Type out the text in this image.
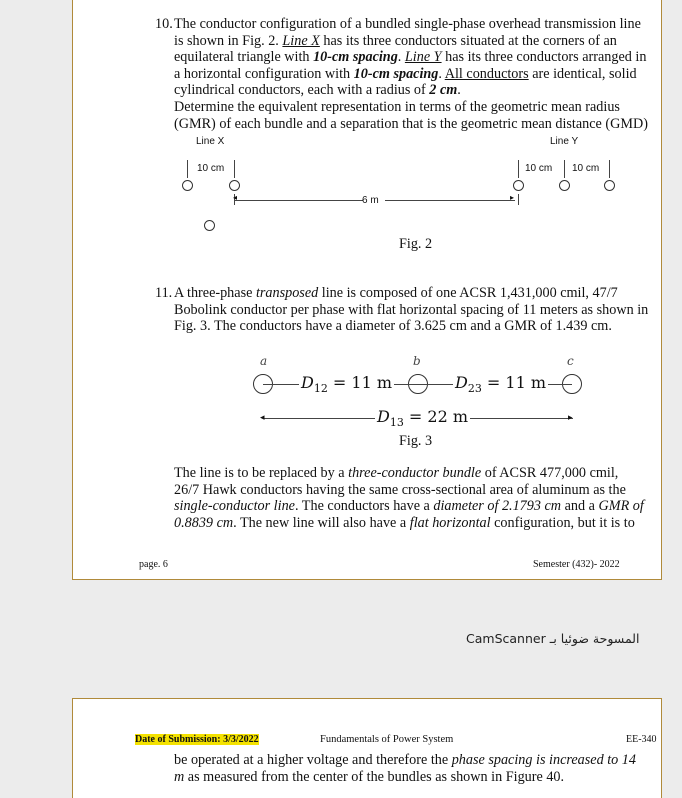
10. The conductor configuration of a bundled single-phase overhead transmission line
is shown in Fig. 2. Line X has its three conductors situated at the corners of an
equilateral triangle with 10-cm spacing. Line Y has its three conductors arranged in
a horizontal configuration with 10-cm spacing. All conductors are identical, solid
cylindrical conductors, each with a radius of 2 cm.
Determine the equivalent representation in terms of the geometric mean radius
(GMR) of each bundle and a separation that is the geometric mean distance (GMD)
Line X	Line Y
10 cm
◂	6 m	▸
10 cm 10 cm
Fig. 2
11. A three-phase transposed line is composed of one ACSR 1,431,000 cmil, 47/7
Bobolink conductor per phase with flat horizontal spacing of 11 meters as shown in
Fig. 3. The conductors have a diameter of 3.625 cm and a GMR of 1.439 cm.
a	b	c
$D_{12} = 11$ m	$D_{23} = 11$ m
◂	▸
$D_{13} = 22$ m
Fig. 3
The line is to be replaced by a three-conductor bundle of ACSR 477,000 cmil,
26/7 Hawk conductors having the same cross-sectional area of aluminum as the
single-conductor line. The conductors have a diameter of 2.1793 cm and a GMR of
0.8839 cm. The new line will also have a flat horizontal configuration, but it is to
page. 6	Semester (432)- 2022
CamScanner المسوحة ضوئيا بـ
Date of Submission: 3/3/2022	Fundamentals of Power System	EE-340
be operated at a higher voltage and therefore the phase spacing is increased to 14
m as measured from the center of the bundles as shown in Figure 40.
